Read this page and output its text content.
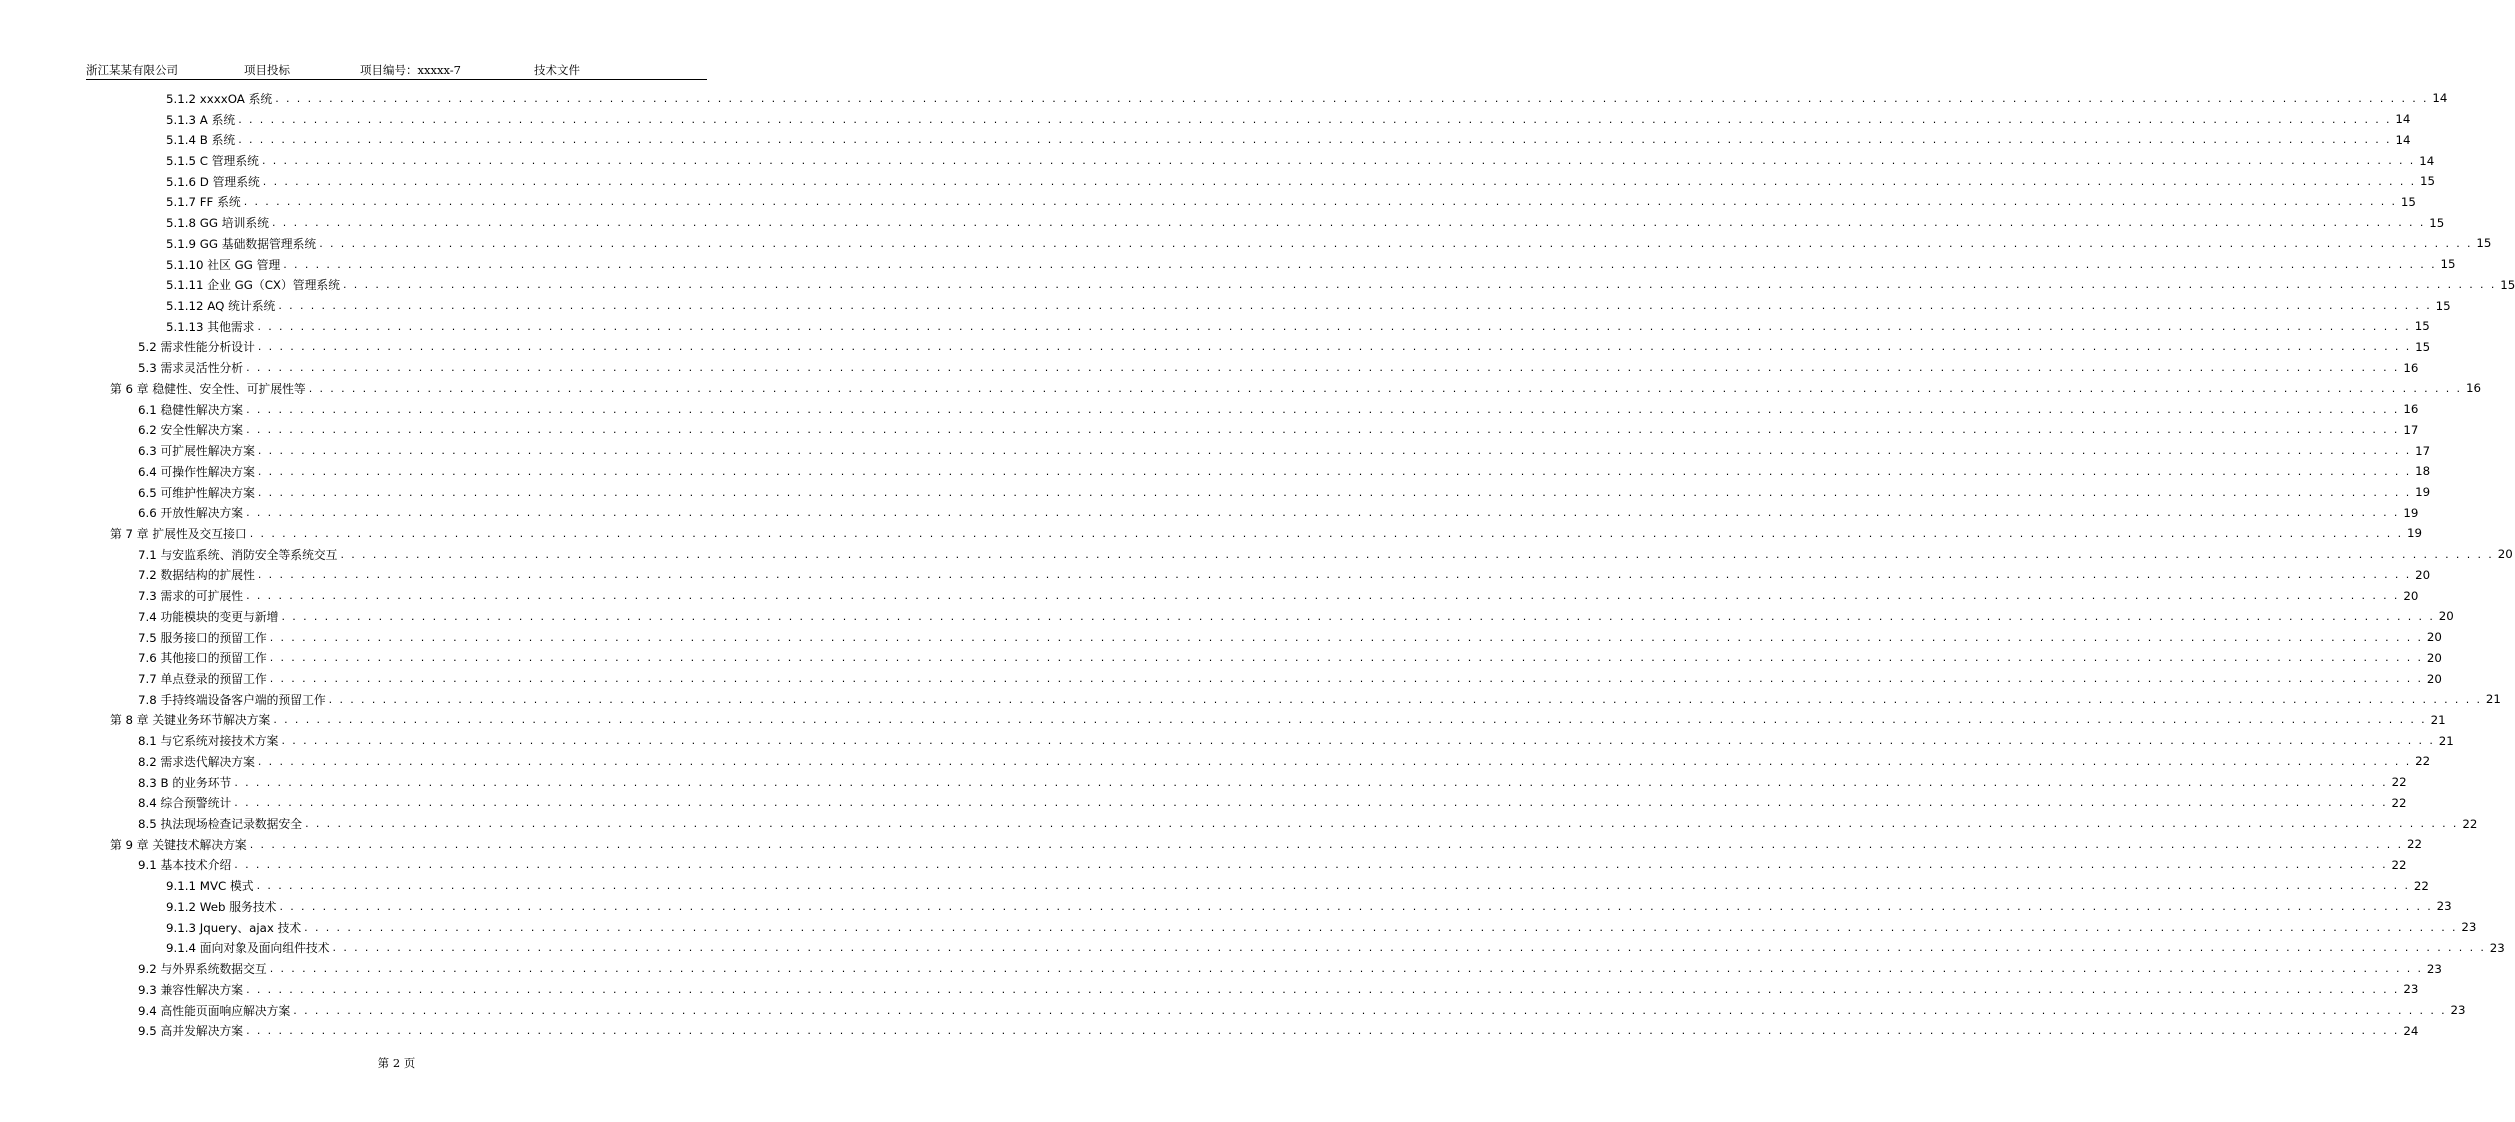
浙江某某有限公司	项目投标	项目编号：xxxxx-7	技术文件
5.1.2 xxxxOA 系统 . . . . . . . . . . . . . . . . . . . . . . . . . . . . . . . . . . . . . . . . . . . . . . . . . . . . . . . . . . . . . . . . . . . . . . . . . . . . . . . . . . . . . . . . . . . . . . . . . . . . . . . . . . . . . . . . . . . . . . . . . . . . . . . . . . . . . . . . . . . . . . . . . . . . . . . . . . . . . . . . . . . . . . . . . . . . . . . . . . . . . . . . . . . . . . . . . . . . . . . . 14
5.1.3 A 系统 . . . . . . . . . . . . . . . . . . . . . . . . . . . . . . . . . . . . . . . . . . . . . . . . . . . . . . . . . . . . . . . . . . . . . . . . . . . . . . . . . . . . . . . . . . . . . . . . . . . . . . . . . . . . . . . . . . . . . . . . . . . . . . . . . . . . . . . . . . . . . . . . . . . . . . . . . . . . . . . . . . . . . . . . . . . . . . . . . . . . . . . . . . . . . . . . . . . . . . . . 14
5.1.4 B 系统 . . . . . . . . . . . . . . . . . . . . . . . . . . . . . . . . . . . . . . . . . . . . . . . . . . . . . . . . . . . . . . . . . . . . . . . . . . . . . . . . . . . . . . . . . . . . . . . . . . . . . . . . . . . . . . . . . . . . . . . . . . . . . . . . . . . . . . . . . . . . . . . . . . . . . . . . . . . . . . . . . . . . . . . . . . . . . . . . . . . . . . . . . . . . . . . . . . . . . . . . 14
5.1.5 C 管理系统 . . . . . . . . . . . . . . . . . . . . . . . . . . . . . . . . . . . . . . . . . . . . . . . . . . . . . . . . . . . . . . . . . . . . . . . . . . . . . . . . . . . . . . . . . . . . . . . . . . . . . . . . . . . . . . . . . . . . . . . . . . . . . . . . . . . . . . . . . . . . . . . . . . . . . . . . . . . . . . . . . . . . . . . . . . . . . . . . . . . . . . . . . . . . . . . . . . . . . . . . 14
5.1.6 D 管理系统 . . . . . . . . . . . . . . . . . . . . . . . . . . . . . . . . . . . . . . . . . . . . . . . . . . . . . . . . . . . . . . . . . . . . . . . . . . . . . . . . . . . . . . . . . . . . . . . . . . . . . . . . . . . . . . . . . . . . . . . . . . . . . . . . . . . . . . . . . . . . . . . . . . . . . . . . . . . . . . . . . . . . . . . . . . . . . . . . . . . . . . . . . . . . . . . . . . . . . . . . 15
5.1.7 FF 系统 . . . . . . . . . . . . . . . . . . . . . . . . . . . . . . . . . . . . . . . . . . . . . . . . . . . . . . . . . . . . . . . . . . . . . . . . . . . . . . . . . . . . . . . . . . . . . . . . . . . . . . . . . . . . . . . . . . . . . . . . . . . . . . . . . . . . . . . . . . . . . . . . . . . . . . . . . . . . . . . . . . . . . . . . . . . . . . . . . . . . . . . . . . . . . . . . . . . . . . . . 15
5.1.8 GG 培训系统 . . . . . . . . . . . . . . . . . . . . . . . . . . . . . . . . . . . . . . . . . . . . . . . . . . . . . . . . . . . . . . . . . . . . . . . . . . . . . . . . . . . . . . . . . . . . . . . . . . . . . . . . . . . . . . . . . . . . . . . . . . . . . . . . . . . . . . . . . . . . . . . . . . . . . . . . . . . . . . . . . . . . . . . . . . . . . . . . . . . . . . . . . . . . . . . . . . . . . . . . 15
5.1.9 GG 基础数据管理系统 . . . . . . . . . . . . . . . . . . . . . . . . . . . . . . . . . . . . . . . . . . . . . . . . . . . . . . . . . . . . . . . . . . . . . . . . . . . . . . . . . . . . . . . . . . . . . . . . . . . . . . . . . . . . . . . . . . . . . . . . . . . . . . . . . . . . . . . . . . . . . . . . . . . . . . . . . . . . . . . . . . . . . . . . . . . . . . . . . . . . . . . . . . . . . . . . . . . . . . . . 15
5.1.10 社区 GG 管理 . . . . . . . . . . . . . . . . . . . . . . . . . . . . . . . . . . . . . . . . . . . . . . . . . . . . . . . . . . . . . . . . . . . . . . . . . . . . . . . . . . . . . . . . . . . . . . . . . . . . . . . . . . . . . . . . . . . . . . . . . . . . . . . . . . . . . . . . . . . . . . . . . . . . . . . . . . . . . . . . . . . . . . . . . . . . . . . . . . . . . . . . . . . . . . . . . . . . . . . . 15
5.1.11 企业 GG（CX）管理系统 . . . . . . . . . . . . . . . . . . . . . . . . . . . . . . . . . . . . . . . . . . . . . . . . . . . . . . . . . . . . . . . . . . . . . . . . . . . . . . . . . . . . . . . . . . . . . . . . . . . . . . . . . . . . . . . . . . . . . . . . . . . . . . . . . . . . . . . . . . . . . . . . . . . . . . . . . . . . . . . . . . . . . . . . . . . . . . . . . . . . . . . . . . . . . . . . . . . . . . . . 15
5.1.12 AQ 统计系统 . . . . . . . . . . . . . . . . . . . . . . . . . . . . . . . . . . . . . . . . . . . . . . . . . . . . . . . . . . . . . . . . . . . . . . . . . . . . . . . . . . . . . . . . . . . . . . . . . . . . . . . . . . . . . . . . . . . . . . . . . . . . . . . . . . . . . . . . . . . . . . . . . . . . . . . . . . . . . . . . . . . . . . . . . . . . . . . . . . . . . . . . . . . . . . . . . . . . . . . . 15
5.1.13 其他需求 . . . . . . . . . . . . . . . . . . . . . . . . . . . . . . . . . . . . . . . . . . . . . . . . . . . . . . . . . . . . . . . . . . . . . . . . . . . . . . . . . . . . . . . . . . . . . . . . . . . . . . . . . . . . . . . . . . . . . . . . . . . . . . . . . . . . . . . . . . . . . . . . . . . . . . . . . . . . . . . . . . . . . . . . . . . . . . . . . . . . . . . . . . . . . . . . . . . . . . . . 15
5.2 需求性能分析设计 . . . . . . . . . . . . . . . . . . . . . . . . . . . . . . . . . . . . . . . . . . . . . . . . . . . . . . . . . . . . . . . . . . . . . . . . . . . . . . . . . . . . . . . . . . . . . . . . . . . . . . . . . . . . . . . . . . . . . . . . . . . . . . . . . . . . . . . . . . . . . . . . . . . . . . . . . . . . . . . . . . . . . . . . . . . . . . . . . . . . . . . . . . . . . . . . . . . . . . . . 15
5.3 需求灵活性分析 . . . . . . . . . . . . . . . . . . . . . . . . . . . . . . . . . . . . . . . . . . . . . . . . . . . . . . . . . . . . . . . . . . . . . . . . . . . . . . . . . . . . . . . . . . . . . . . . . . . . . . . . . . . . . . . . . . . . . . . . . . . . . . . . . . . . . . . . . . . . . . . . . . . . . . . . . . . . . . . . . . . . . . . . . . . . . . . . . . . . . . . . . . . . . . . . . . . . . . . . 16
第 6 章 稳健性、安全性、可扩展性等 . . . . . . . . . . . . . . . . . . . . . . . . . . . . . . . . . . . . . . . . . . . . . . . . . . . . . . . . . . . . . . . . . . . . . . . . . . . . . . . . . . . . . . . . . . . . . . . . . . . . . . . . . . . . . . . . . . . . . . . . . . . . . . . . . . . . . . . . . . . . . . . . . . . . . . . . . . . . . . . . . . . . . . . . . . . . . . . . . . . . . . . . . . . . . . . . . . . . . . . . 16
6.1 稳健性解决方案 . . . . . . . . . . . . . . . . . . . . . . . . . . . . . . . . . . . . . . . . . . . . . . . . . . . . . . . . . . . . . . . . . . . . . . . . . . . . . . . . . . . . . . . . . . . . . . . . . . . . . . . . . . . . . . . . . . . . . . . . . . . . . . . . . . . . . . . . . . . . . . . . . . . . . . . . . . . . . . . . . . . . . . . . . . . . . . . . . . . . . . . . . . . . . . . . . . . . . . . . 16
6.2 安全性解决方案 . . . . . . . . . . . . . . . . . . . . . . . . . . . . . . . . . . . . . . . . . . . . . . . . . . . . . . . . . . . . . . . . . . . . . . . . . . . . . . . . . . . . . . . . . . . . . . . . . . . . . . . . . . . . . . . . . . . . . . . . . . . . . . . . . . . . . . . . . . . . . . . . . . . . . . . . . . . . . . . . . . . . . . . . . . . . . . . . . . . . . . . . . . . . . . . . . . . . . . . . 17
6.3 可扩展性解决方案 . . . . . . . . . . . . . . . . . . . . . . . . . . . . . . . . . . . . . . . . . . . . . . . . . . . . . . . . . . . . . . . . . . . . . . . . . . . . . . . . . . . . . . . . . . . . . . . . . . . . . . . . . . . . . . . . . . . . . . . . . . . . . . . . . . . . . . . . . . . . . . . . . . . . . . . . . . . . . . . . . . . . . . . . . . . . . . . . . . . . . . . . . . . . . . . . . . . . . . . . 17
6.4 可操作性解决方案 . . . . . . . . . . . . . . . . . . . . . . . . . . . . . . . . . . . . . . . . . . . . . . . . . . . . . . . . . . . . . . . . . . . . . . . . . . . . . . . . . . . . . . . . . . . . . . . . . . . . . . . . . . . . . . . . . . . . . . . . . . . . . . . . . . . . . . . . . . . . . . . . . . . . . . . . . . . . . . . . . . . . . . . . . . . . . . . . . . . . . . . . . . . . . . . . . . . . . . . . 18
6.5 可维护性解决方案 . . . . . . . . . . . . . . . . . . . . . . . . . . . . . . . . . . . . . . . . . . . . . . . . . . . . . . . . . . . . . . . . . . . . . . . . . . . . . . . . . . . . . . . . . . . . . . . . . . . . . . . . . . . . . . . . . . . . . . . . . . . . . . . . . . . . . . . . . . . . . . . . . . . . . . . . . . . . . . . . . . . . . . . . . . . . . . . . . . . . . . . . . . . . . . . . . . . . . . . . 19
6.6 开放性解决方案 . . . . . . . . . . . . . . . . . . . . . . . . . . . . . . . . . . . . . . . . . . . . . . . . . . . . . . . . . . . . . . . . . . . . . . . . . . . . . . . . . . . . . . . . . . . . . . . . . . . . . . . . . . . . . . . . . . . . . . . . . . . . . . . . . . . . . . . . . . . . . . . . . . . . . . . . . . . . . . . . . . . . . . . . . . . . . . . . . . . . . . . . . . . . . . . . . . . . . . . . 19
第 7 章 扩展性及交互接口 . . . . . . . . . . . . . . . . . . . . . . . . . . . . . . . . . . . . . . . . . . . . . . . . . . . . . . . . . . . . . . . . . . . . . . . . . . . . . . . . . . . . . . . . . . . . . . . . . . . . . . . . . . . . . . . . . . . . . . . . . . . . . . . . . . . . . . . . . . . . . . . . . . . . . . . . . . . . . . . . . . . . . . . . . . . . . . . . . . . . . . . . . . . . . . . . . . . . . . . . 19
7.1 与安监系统、消防安全等系统交互 . . . . . . . . . . . . . . . . . . . . . . . . . . . . . . . . . . . . . . . . . . . . . . . . . . . . . . . . . . . . . . . . . . . . . . . . . . . . . . . . . . . . . . . . . . . . . . . . . . . . . . . . . . . . . . . . . . . . . . . . . . . . . . . . . . . . . . . . . . . . . . . . . . . . . . . . . . . . . . . . . . . . . . . . . . . . . . . . . . . . . . . . . . . . . . . . . . . . . . . . 20
7.2 数据结构的扩展性 . . . . . . . . . . . . . . . . . . . . . . . . . . . . . . . . . . . . . . . . . . . . . . . . . . . . . . . . . . . . . . . . . . . . . . . . . . . . . . . . . . . . . . . . . . . . . . . . . . . . . . . . . . . . . . . . . . . . . . . . . . . . . . . . . . . . . . . . . . . . . . . . . . . . . . . . . . . . . . . . . . . . . . . . . . . . . . . . . . . . . . . . . . . . . . . . . . . . . . . . 20
7.3 需求的可扩展性 . . . . . . . . . . . . . . . . . . . . . . . . . . . . . . . . . . . . . . . . . . . . . . . . . . . . . . . . . . . . . . . . . . . . . . . . . . . . . . . . . . . . . . . . . . . . . . . . . . . . . . . . . . . . . . . . . . . . . . . . . . . . . . . . . . . . . . . . . . . . . . . . . . . . . . . . . . . . . . . . . . . . . . . . . . . . . . . . . . . . . . . . . . . . . . . . . . . . . . . . 20
7.4 功能模块的变更与新增 . . . . . . . . . . . . . . . . . . . . . . . . . . . . . . . . . . . . . . . . . . . . . . . . . . . . . . . . . . . . . . . . . . . . . . . . . . . . . . . . . . . . . . . . . . . . . . . . . . . . . . . . . . . . . . . . . . . . . . . . . . . . . . . . . . . . . . . . . . . . . . . . . . . . . . . . . . . . . . . . . . . . . . . . . . . . . . . . . . . . . . . . . . . . . . . . . . . . . . . . 20
7.5 服务接口的预留工作 . . . . . . . . . . . . . . . . . . . . . . . . . . . . . . . . . . . . . . . . . . . . . . . . . . . . . . . . . . . . . . . . . . . . . . . . . . . . . . . . . . . . . . . . . . . . . . . . . . . . . . . . . . . . . . . . . . . . . . . . . . . . . . . . . . . . . . . . . . . . . . . . . . . . . . . . . . . . . . . . . . . . . . . . . . . . . . . . . . . . . . . . . . . . . . . . . . . . . . . . 20
7.6 其他接口的预留工作 . . . . . . . . . . . . . . . . . . . . . . . . . . . . . . . . . . . . . . . . . . . . . . . . . . . . . . . . . . . . . . . . . . . . . . . . . . . . . . . . . . . . . . . . . . . . . . . . . . . . . . . . . . . . . . . . . . . . . . . . . . . . . . . . . . . . . . . . . . . . . . . . . . . . . . . . . . . . . . . . . . . . . . . . . . . . . . . . . . . . . . . . . . . . . . . . . . . . . . . . 20
7.7 单点登录的预留工作 . . . . . . . . . . . . . . . . . . . . . . . . . . . . . . . . . . . . . . . . . . . . . . . . . . . . . . . . . . . . . . . . . . . . . . . . . . . . . . . . . . . . . . . . . . . . . . . . . . . . . . . . . . . . . . . . . . . . . . . . . . . . . . . . . . . . . . . . . . . . . . . . . . . . . . . . . . . . . . . . . . . . . . . . . . . . . . . . . . . . . . . . . . . . . . . . . . . . . . . . 20
7.8 手持终端设备客户端的预留工作 . . . . . . . . . . . . . . . . . . . . . . . . . . . . . . . . . . . . . . . . . . . . . . . . . . . . . . . . . . . . . . . . . . . . . . . . . . . . . . . . . . . . . . . . . . . . . . . . . . . . . . . . . . . . . . . . . . . . . . . . . . . . . . . . . . . . . . . . . . . . . . . . . . . . . . . . . . . . . . . . . . . . . . . . . . . . . . . . . . . . . . . . . . . . . . . . . . . . . . . . 21
第 8 章 关键业务环节解决方案 . . . . . . . . . . . . . . . . . . . . . . . . . . . . . . . . . . . . . . . . . . . . . . . . . . . . . . . . . . . . . . . . . . . . . . . . . . . . . . . . . . . . . . . . . . . . . . . . . . . . . . . . . . . . . . . . . . . . . . . . . . . . . . . . . . . . . . . . . . . . . . . . . . . . . . . . . . . . . . . . . . . . . . . . . . . . . . . . . . . . . . . . . . . . . . . . . . . . . . . . 21
8.1 与它系统对接技术方案 . . . . . . . . . . . . . . . . . . . . . . . . . . . . . . . . . . . . . . . . . . . . . . . . . . . . . . . . . . . . . . . . . . . . . . . . . . . . . . . . . . . . . . . . . . . . . . . . . . . . . . . . . . . . . . . . . . . . . . . . . . . . . . . . . . . . . . . . . . . . . . . . . . . . . . . . . . . . . . . . . . . . . . . . . . . . . . . . . . . . . . . . . . . . . . . . . . . . . . . . 21
8.2 需求迭代解决方案 . . . . . . . . . . . . . . . . . . . . . . . . . . . . . . . . . . . . . . . . . . . . . . . . . . . . . . . . . . . . . . . . . . . . . . . . . . . . . . . . . . . . . . . . . . . . . . . . . . . . . . . . . . . . . . . . . . . . . . . . . . . . . . . . . . . . . . . . . . . . . . . . . . . . . . . . . . . . . . . . . . . . . . . . . . . . . . . . . . . . . . . . . . . . . . . . . . . . . . . . 22
8.3 B 的业务环节 . . . . . . . . . . . . . . . . . . . . . . . . . . . . . . . . . . . . . . . . . . . . . . . . . . . . . . . . . . . . . . . . . . . . . . . . . . . . . . . . . . . . . . . . . . . . . . . . . . . . . . . . . . . . . . . . . . . . . . . . . . . . . . . . . . . . . . . . . . . . . . . . . . . . . . . . . . . . . . . . . . . . . . . . . . . . . . . . . . . . . . . . . . . . . . . . . . . . . . . . 22
8.4 综合预警统计 . . . . . . . . . . . . . . . . . . . . . . . . . . . . . . . . . . . . . . . . . . . . . . . . . . . . . . . . . . . . . . . . . . . . . . . . . . . . . . . . . . . . . . . . . . . . . . . . . . . . . . . . . . . . . . . . . . . . . . . . . . . . . . . . . . . . . . . . . . . . . . . . . . . . . . . . . . . . . . . . . . . . . . . . . . . . . . . . . . . . . . . . . . . . . . . . . . . . . . . . 22
8.5 执法现场检查记录数据安全 . . . . . . . . . . . . . . . . . . . . . . . . . . . . . . . . . . . . . . . . . . . . . . . . . . . . . . . . . . . . . . . . . . . . . . . . . . . . . . . . . . . . . . . . . . . . . . . . . . . . . . . . . . . . . . . . . . . . . . . . . . . . . . . . . . . . . . . . . . . . . . . . . . . . . . . . . . . . . . . . . . . . . . . . . . . . . . . . . . . . . . . . . . . . . . . . . . . . . . . . 22
第 9 章 关键技术解决方案 . . . . . . . . . . . . . . . . . . . . . . . . . . . . . . . . . . . . . . . . . . . . . . . . . . . . . . . . . . . . . . . . . . . . . . . . . . . . . . . . . . . . . . . . . . . . . . . . . . . . . . . . . . . . . . . . . . . . . . . . . . . . . . . . . . . . . . . . . . . . . . . . . . . . . . . . . . . . . . . . . . . . . . . . . . . . . . . . . . . . . . . . . . . . . . . . . . . . . . . . 22
9.1 基本技术介绍 . . . . . . . . . . . . . . . . . . . . . . . . . . . . . . . . . . . . . . . . . . . . . . . . . . . . . . . . . . . . . . . . . . . . . . . . . . . . . . . . . . . . . . . . . . . . . . . . . . . . . . . . . . . . . . . . . . . . . . . . . . . . . . . . . . . . . . . . . . . . . . . . . . . . . . . . . . . . . . . . . . . . . . . . . . . . . . . . . . . . . . . . . . . . . . . . . . . . . . . . 22
9.1.1 MVC 模式 . . . . . . . . . . . . . . . . . . . . . . . . . . . . . . . . . . . . . . . . . . . . . . . . . . . . . . . . . . . . . . . . . . . . . . . . . . . . . . . . . . . . . . . . . . . . . . . . . . . . . . . . . . . . . . . . . . . . . . . . . . . . . . . . . . . . . . . . . . . . . . . . . . . . . . . . . . . . . . . . . . . . . . . . . . . . . . . . . . . . . . . . . . . . . . . . . . . . . . . . 22
9.1.2 Web 服务技术 . . . . . . . . . . . . . . . . . . . . . . . . . . . . . . . . . . . . . . . . . . . . . . . . . . . . . . . . . . . . . . . . . . . . . . . . . . . . . . . . . . . . . . . . . . . . . . . . . . . . . . . . . . . . . . . . . . . . . . . . . . . . . . . . . . . . . . . . . . . . . . . . . . . . . . . . . . . . . . . . . . . . . . . . . . . . . . . . . . . . . . . . . . . . . . . . . . . . . . . . 23
9.1.3 Jquery、ajax 技术 . . . . . . . . . . . . . . . . . . . . . . . . . . . . . . . . . . . . . . . . . . . . . . . . . . . . . . . . . . . . . . . . . . . . . . . . . . . . . . . . . . . . . . . . . . . . . . . . . . . . . . . . . . . . . . . . . . . . . . . . . . . . . . . . . . . . . . . . . . . . . . . . . . . . . . . . . . . . . . . . . . . . . . . . . . . . . . . . . . . . . . . . . . . . . . . . . . . . . . . . 23
9.1.4 面向对象及面向组件技术 . . . . . . . . . . . . . . . . . . . . . . . . . . . . . . . . . . . . . . . . . . . . . . . . . . . . . . . . . . . . . . . . . . . . . . . . . . . . . . . . . . . . . . . . . . . . . . . . . . . . . . . . . . . . . . . . . . . . . . . . . . . . . . . . . . . . . . . . . . . . . . . . . . . . . . . . . . . . . . . . . . . . . . . . . . . . . . . . . . . . . . . . . . . . . . . . . . . . . . . . 23
9.2 与外界系统数据交互 . . . . . . . . . . . . . . . . . . . . . . . . . . . . . . . . . . . . . . . . . . . . . . . . . . . . . . . . . . . . . . . . . . . . . . . . . . . . . . . . . . . . . . . . . . . . . . . . . . . . . . . . . . . . . . . . . . . . . . . . . . . . . . . . . . . . . . . . . . . . . . . . . . . . . . . . . . . . . . . . . . . . . . . . . . . . . . . . . . . . . . . . . . . . . . . . . . . . . . . . 23
9.3 兼容性解决方案 . . . . . . . . . . . . . . . . . . . . . . . . . . . . . . . . . . . . . . . . . . . . . . . . . . . . . . . . . . . . . . . . . . . . . . . . . . . . . . . . . . . . . . . . . . . . . . . . . . . . . . . . . . . . . . . . . . . . . . . . . . . . . . . . . . . . . . . . . . . . . . . . . . . . . . . . . . . . . . . . . . . . . . . . . . . . . . . . . . . . . . . . . . . . . . . . . . . . . . . . 23
9.4 高性能页面响应解决方案 . . . . . . . . . . . . . . . . . . . . . . . . . . . . . . . . . . . . . . . . . . . . . . . . . . . . . . . . . . . . . . . . . . . . . . . . . . . . . . . . . . . . . . . . . . . . . . . . . . . . . . . . . . . . . . . . . . . . . . . . . . . . . . . . . . . . . . . . . . . . . . . . . . . . . . . . . . . . . . . . . . . . . . . . . . . . . . . . . . . . . . . . . . . . . . . . . . . . . . . . 23
9.5 高并发解决方案 . . . . . . . . . . . . . . . . . . . . . . . . . . . . . . . . . . . . . . . . . . . . . . . . . . . . . . . . . . . . . . . . . . . . . . . . . . . . . . . . . . . . . . . . . . . . . . . . . . . . . . . . . . . . . . . . . . . . . . . . . . . . . . . . . . . . . . . . . . . . . . . . . . . . . . . . . . . . . . . . . . . . . . . . . . . . . . . . . . . . . . . . . . . . . . . . . . . . . . . . 24
第 2 页
